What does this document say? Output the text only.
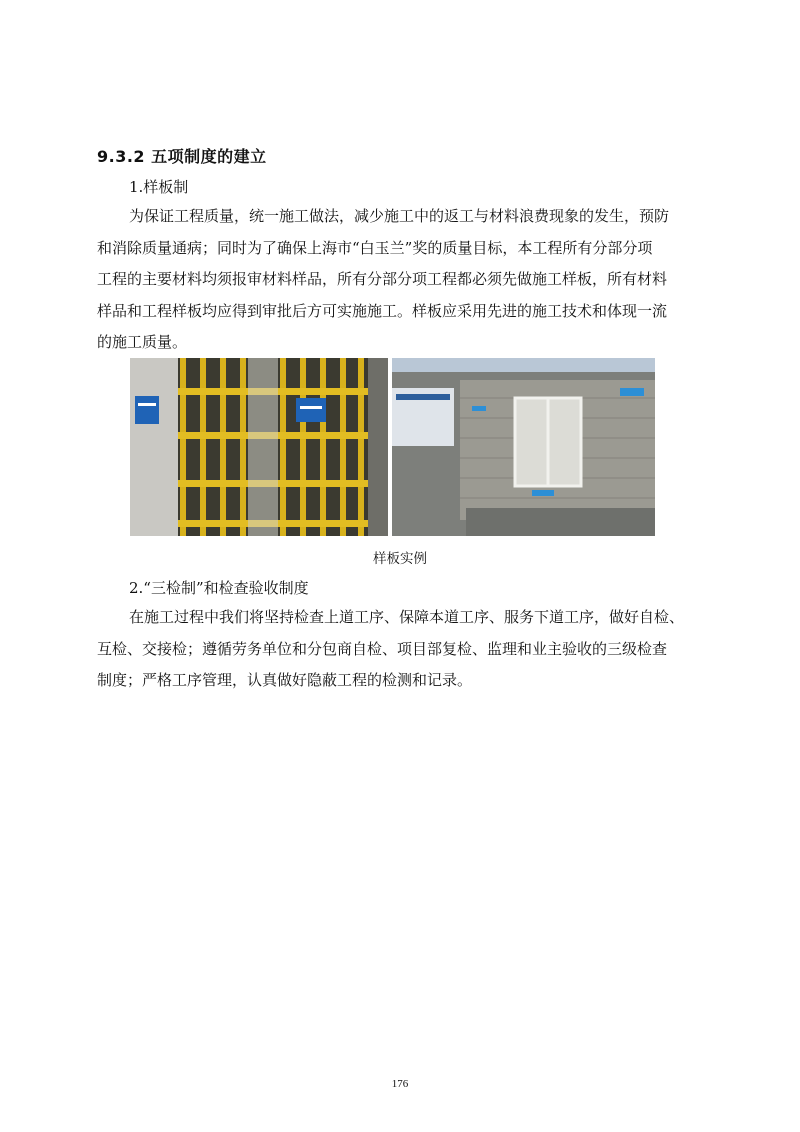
9.3.2 五项制度的建立
1.样板制
为保证工程质量，统一施工做法，减少施工中的返工与材料浪费现象的发生，预防
和消除质量通病；同时为了确保上海市“白玉兰”奖的质量目标，本工程所有分部分项
工程的主要材料均须报审材料样品，所有分部分项工程都必须先做施工样板，所有材料
样品和工程样板均应得到审批后方可实施施工。样板应采用先进的施工技术和体现一流
的施工质量。
样板实例
2.“三检制”和检查验收制度
在施工过程中我们将坚持检查上道工序、保障本道工序、服务下道工序，做好自检、
互检、交接检；遵循劳务单位和分包商自检、项目部复检、监理和业主验收的三级检查
制度；严格工序管理，认真做好隐蔽工程的检测和记录。
176
